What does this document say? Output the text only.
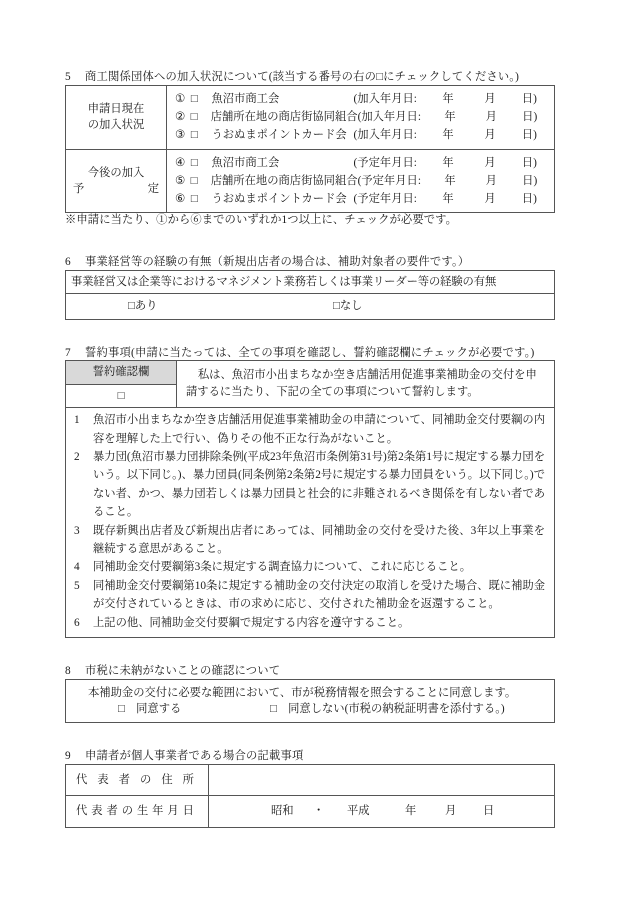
5 商工関係団体への加入状況について(該当する番号の右の□にチェックしてください。)
申請日現在
の加入状況

① □	魚沼市商工会	(加入年月日:	年	月	日)
② □	店舗所在地の商店街協同組合 (加入年月日:	年	月	日)
③ □	うおぬまポイントカード会 (加入年月日:	年	月	日)

今後の加入
予	定

④ □	魚沼市商工会	(予定年月日:	年	月	日)
⑤ □	店舗所在地の商店街協同組合 (予定年月日:	年	月	日)
⑥ □	うおぬまポイントカード会 (予定年月日:	年	月	日)
※申請に当たり、①から⑥までのいずれか1つ以上に、チェックが必要です。
6 事業経営等の経験の有無（新規出店者の場合は、補助対象者の要件です。）
事業経営又は企業等におけるマネジメント業務若しくは事業リーダー等の経験の有無

□あり	□なし
7 誓約事項(申請に当たっては、全ての事項を確認し、誓約確認欄にチェックが必要です。)
誓約確認欄	私は、魚沼市小出まちなか空き店舗活用促進事業補助金の交付を申請するに当たり、下記の全ての事項について誓約します。

□

1 魚沼市小出まちなか空き店舗活用促進事業補助金の申請について、同補助金交付要綱の内容を理解した上で行い、偽りその他不正な行為がないこと。
2 暴力団(魚沼市暴力団排除条例(平成23年魚沼市条例第31号)第2条第1号に規定する暴力団をいう。以下同じ。)、暴力団員(同条例第2条第2号に規定する暴力団員をいう。以下同じ。)でない者、かつ、暴力団若しくは暴力団員と社会的に非難されるべき関係を有しない者であること。
3 既存新興出店者及び新規出店者にあっては、同補助金の交付を受けた後、3年以上事業を継続する意思があること。
4 同補助金交付要綱第3条に規定する調査協力について、これに応じること。
5 同補助金交付要綱第10条に規定する補助金の交付決定の取消しを受けた場合、既に補助金が交付されているときは、市の求めに応じ、交付された補助金を返還すること。
6 上記の他、同補助金交付要綱で規定する内容を遵守すること。
8 市税に未納がないことの確認について
本補助金の交付に必要な範囲において、市が税務情報を照会することに同意します。
□　同意する	□　同意しない(市税の納税証明書を添付する。)
9 申請者が個人事業者である場合の記載事項
代 表 者 の 住 所

代 表 者 の 生 年 月 日	昭和	・	平成	年	月	日
